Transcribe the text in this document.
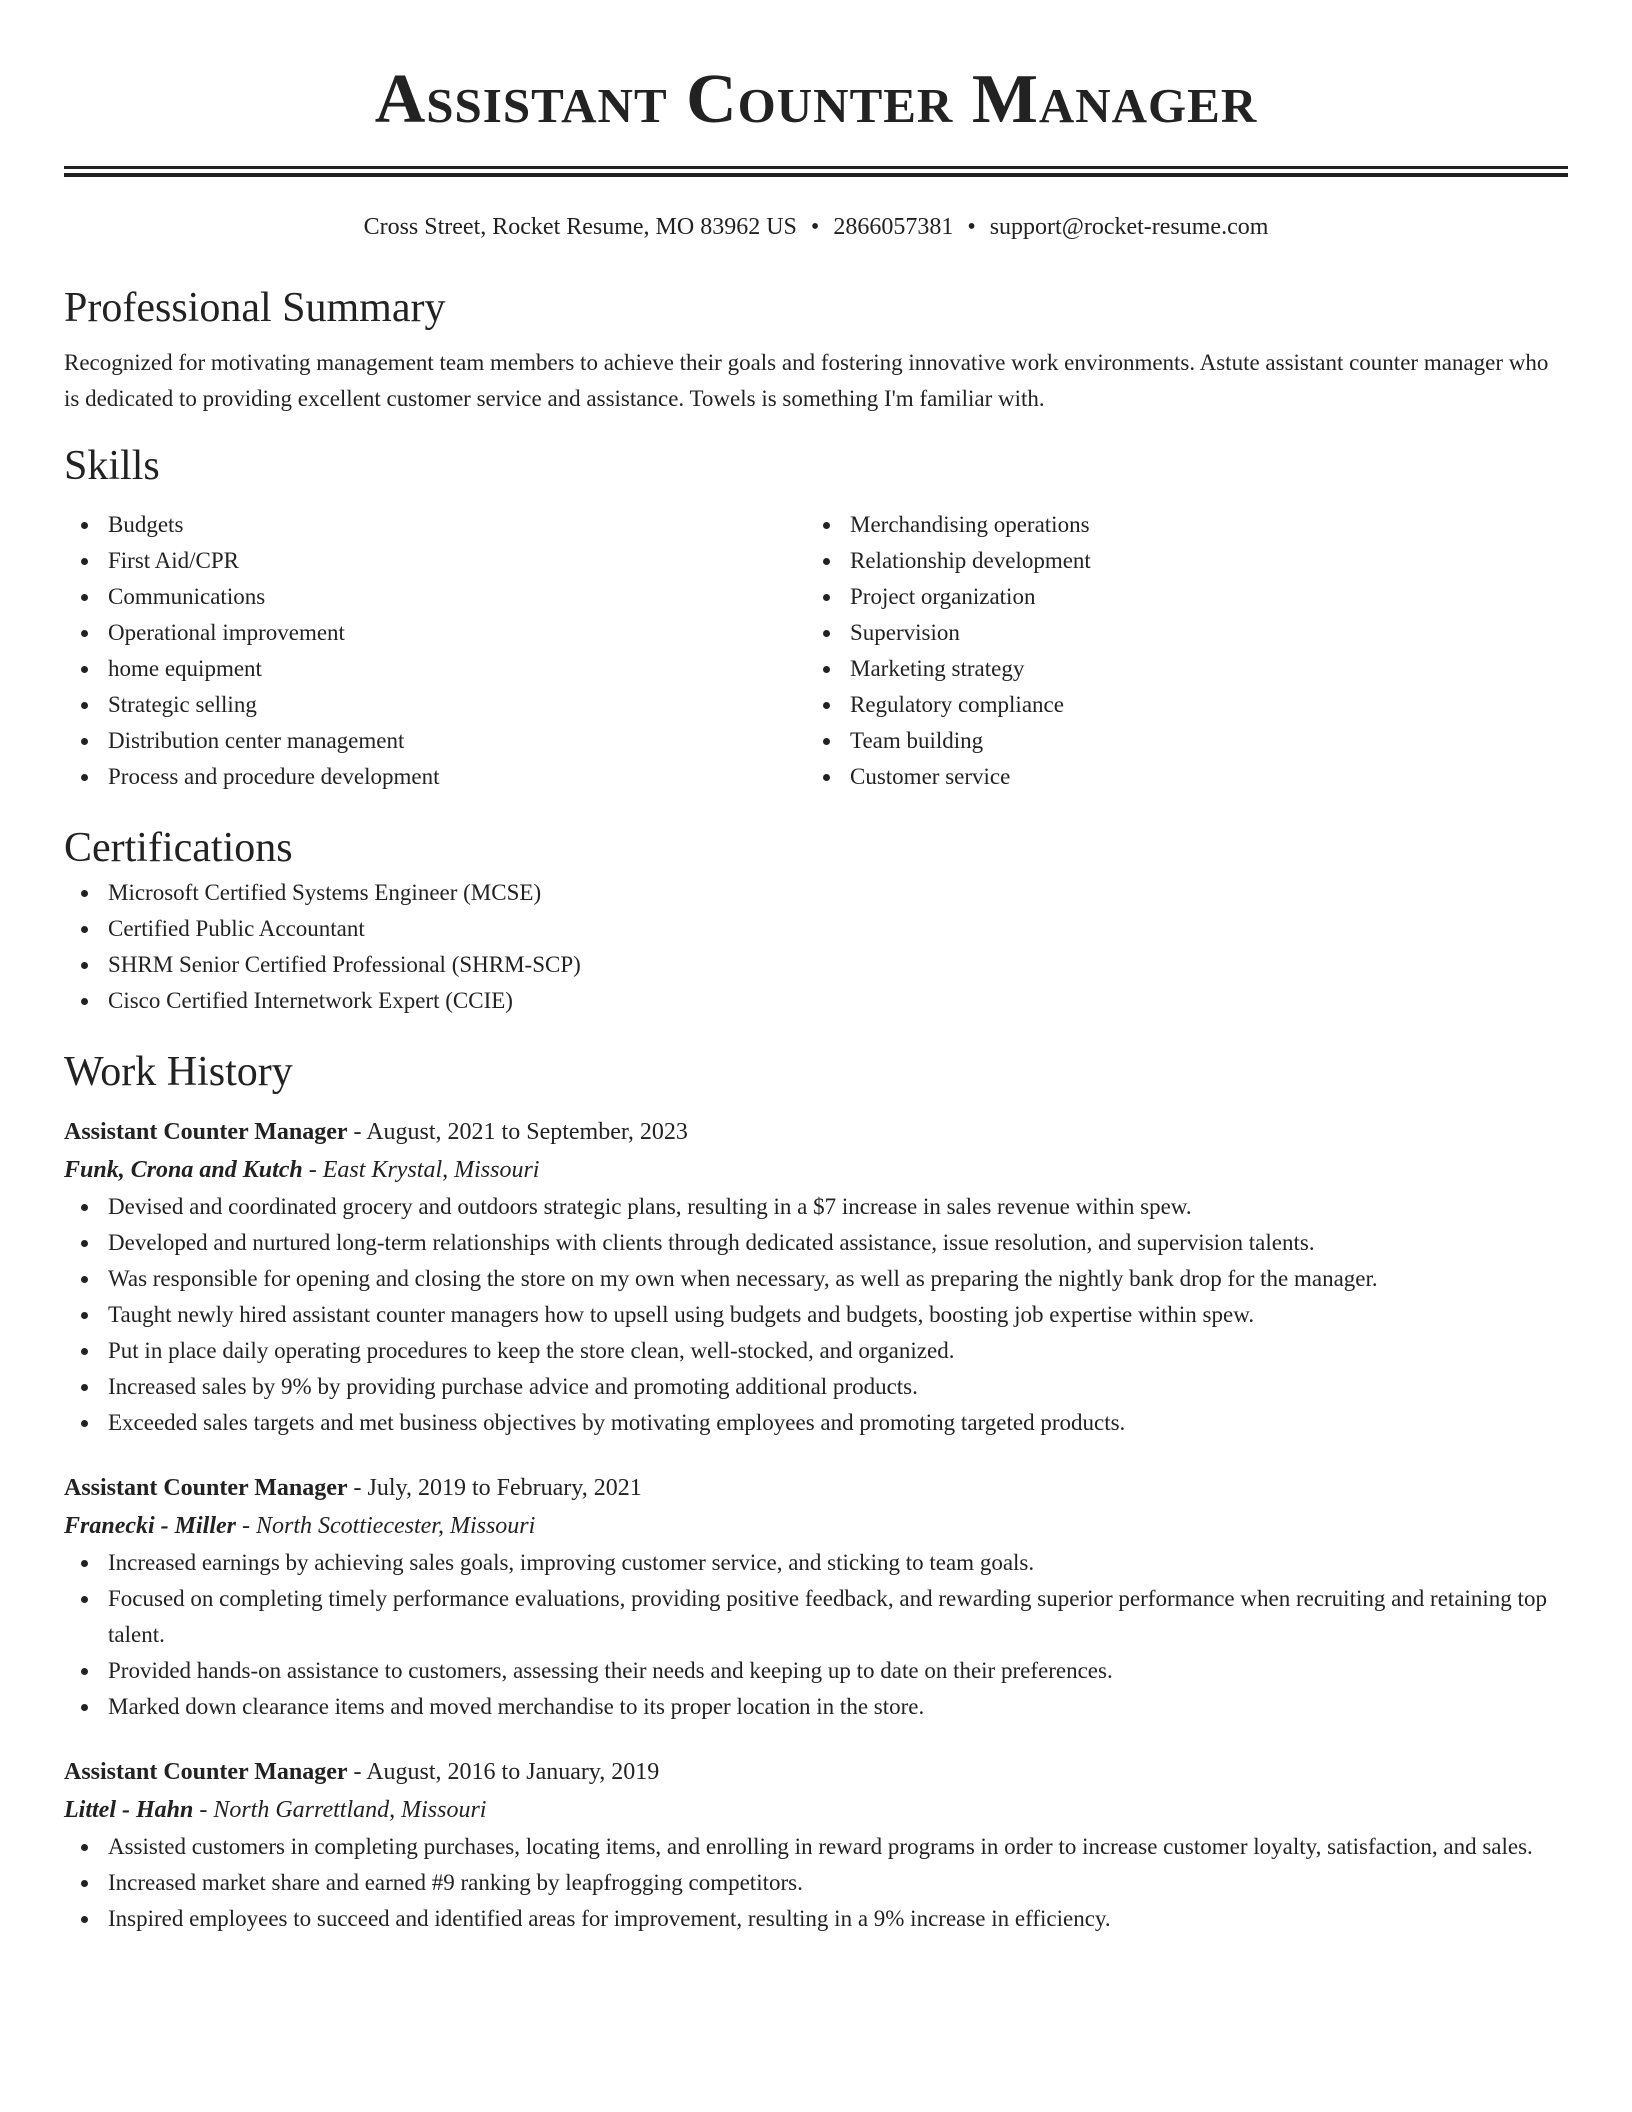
Assistant Counter Manager
Cross Street, Rocket Resume, MO 83962 US • 2866057381 • support@rocket-resume.com
Professional Summary
Recognized for motivating management team members to achieve their goals and fostering innovative work environments. Astute assistant counter manager who is dedicated to providing excellent customer service and assistance. Towels is something I'm familiar with.
Skills
Budgets
First Aid/CPR
Communications
Operational improvement
home equipment
Strategic selling
Distribution center management
Process and procedure development
Merchandising operations
Relationship development
Project organization
Supervision
Marketing strategy
Regulatory compliance
Team building
Customer service
Certifications
Microsoft Certified Systems Engineer (MCSE)
Certified Public Accountant
SHRM Senior Certified Professional (SHRM-SCP)
Cisco Certified Internetwork Expert (CCIE)
Work History
Assistant Counter Manager - August, 2021 to September, 2023
Funk, Crona and Kutch - East Krystal, Missouri
Devised and coordinated grocery and outdoors strategic plans, resulting in a $7 increase in sales revenue within spew.
Developed and nurtured long-term relationships with clients through dedicated assistance, issue resolution, and supervision talents.
Was responsible for opening and closing the store on my own when necessary, as well as preparing the nightly bank drop for the manager.
Taught newly hired assistant counter managers how to upsell using budgets and budgets, boosting job expertise within spew.
Put in place daily operating procedures to keep the store clean, well-stocked, and organized.
Increased sales by 9% by providing purchase advice and promoting additional products.
Exceeded sales targets and met business objectives by motivating employees and promoting targeted products.
Assistant Counter Manager - July, 2019 to February, 2021
Franecki - Miller - North Scottiecester, Missouri
Increased earnings by achieving sales goals, improving customer service, and sticking to team goals.
Focused on completing timely performance evaluations, providing positive feedback, and rewarding superior performance when recruiting and retaining top talent.
Provided hands-on assistance to customers, assessing their needs and keeping up to date on their preferences.
Marked down clearance items and moved merchandise to its proper location in the store.
Assistant Counter Manager - August, 2016 to January, 2019
Littel - Hahn - North Garrettland, Missouri
Assisted customers in completing purchases, locating items, and enrolling in reward programs in order to increase customer loyalty, satisfaction, and sales.
Increased market share and earned #9 ranking by leapfrogging competitors.
Inspired employees to succeed and identified areas for improvement, resulting in a 9% increase in efficiency.
